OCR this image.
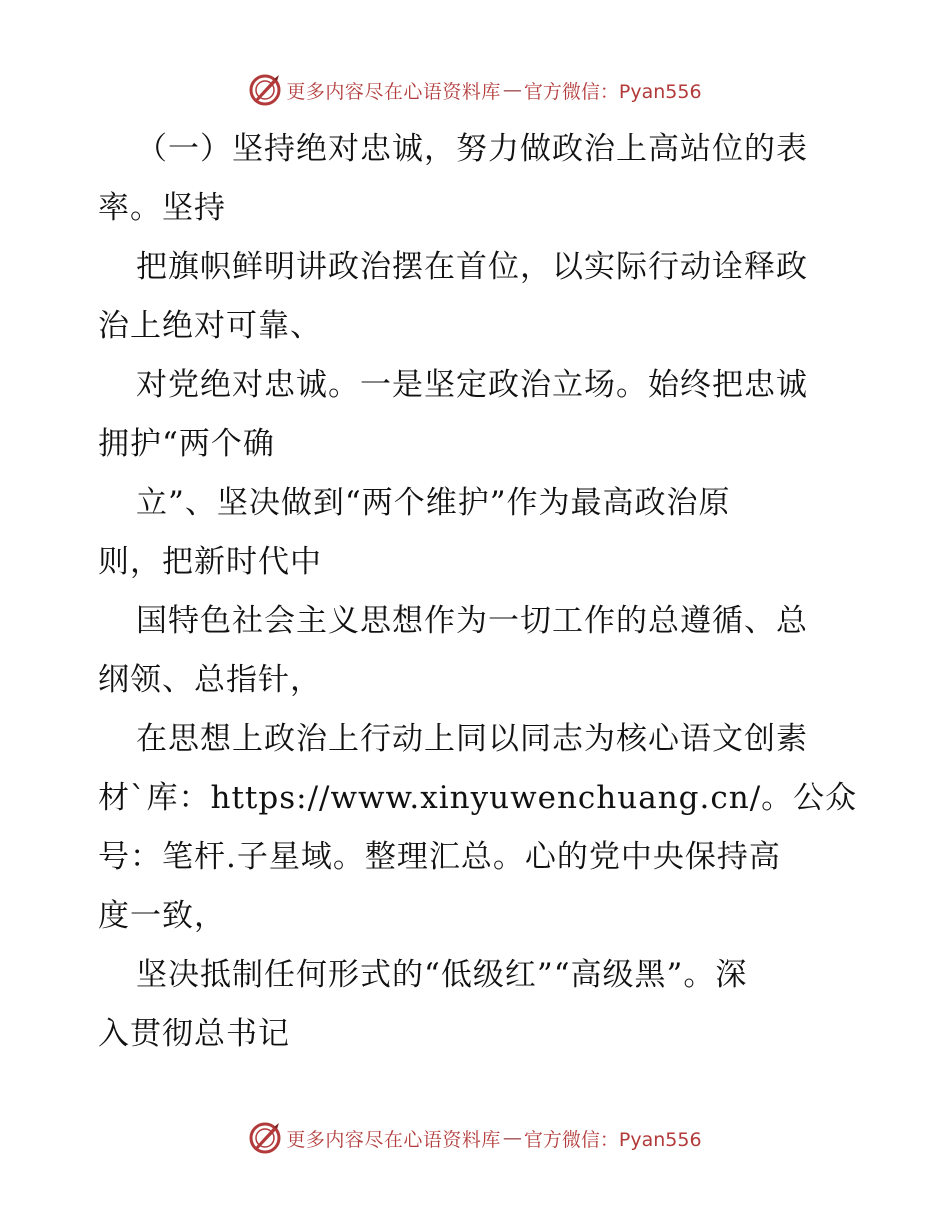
更多内容尽在心语资料库 — 官方微信：Pyan556
（一）坚持绝对忠诚，努力做政治上高站位的表
率。坚持
把旗帜鲜明讲政治摆在首位，以实际行动诠释政
治上绝对可靠、
对党绝对忠诚。一是坚定政治立场。始终把忠诚
拥护“两个确
立”、坚决做到“两个维护”作为最高政治原
则，把新时代中
国特色社会主义思想作为一切工作的总遵循、总
纲领、总指针，
在思想上政治上行动上同以同志为核心语文创素
材`库：https://www.xinyuwenchuang.cn/。公众
号：笔杆.子星域。整理汇总。心的党中央保持高
度一致，
坚决抵制任何形式的“低级红”“高级黑”。深
入贯彻总书记
更多内容尽在心语资料库 — 官方微信：Pyan556
